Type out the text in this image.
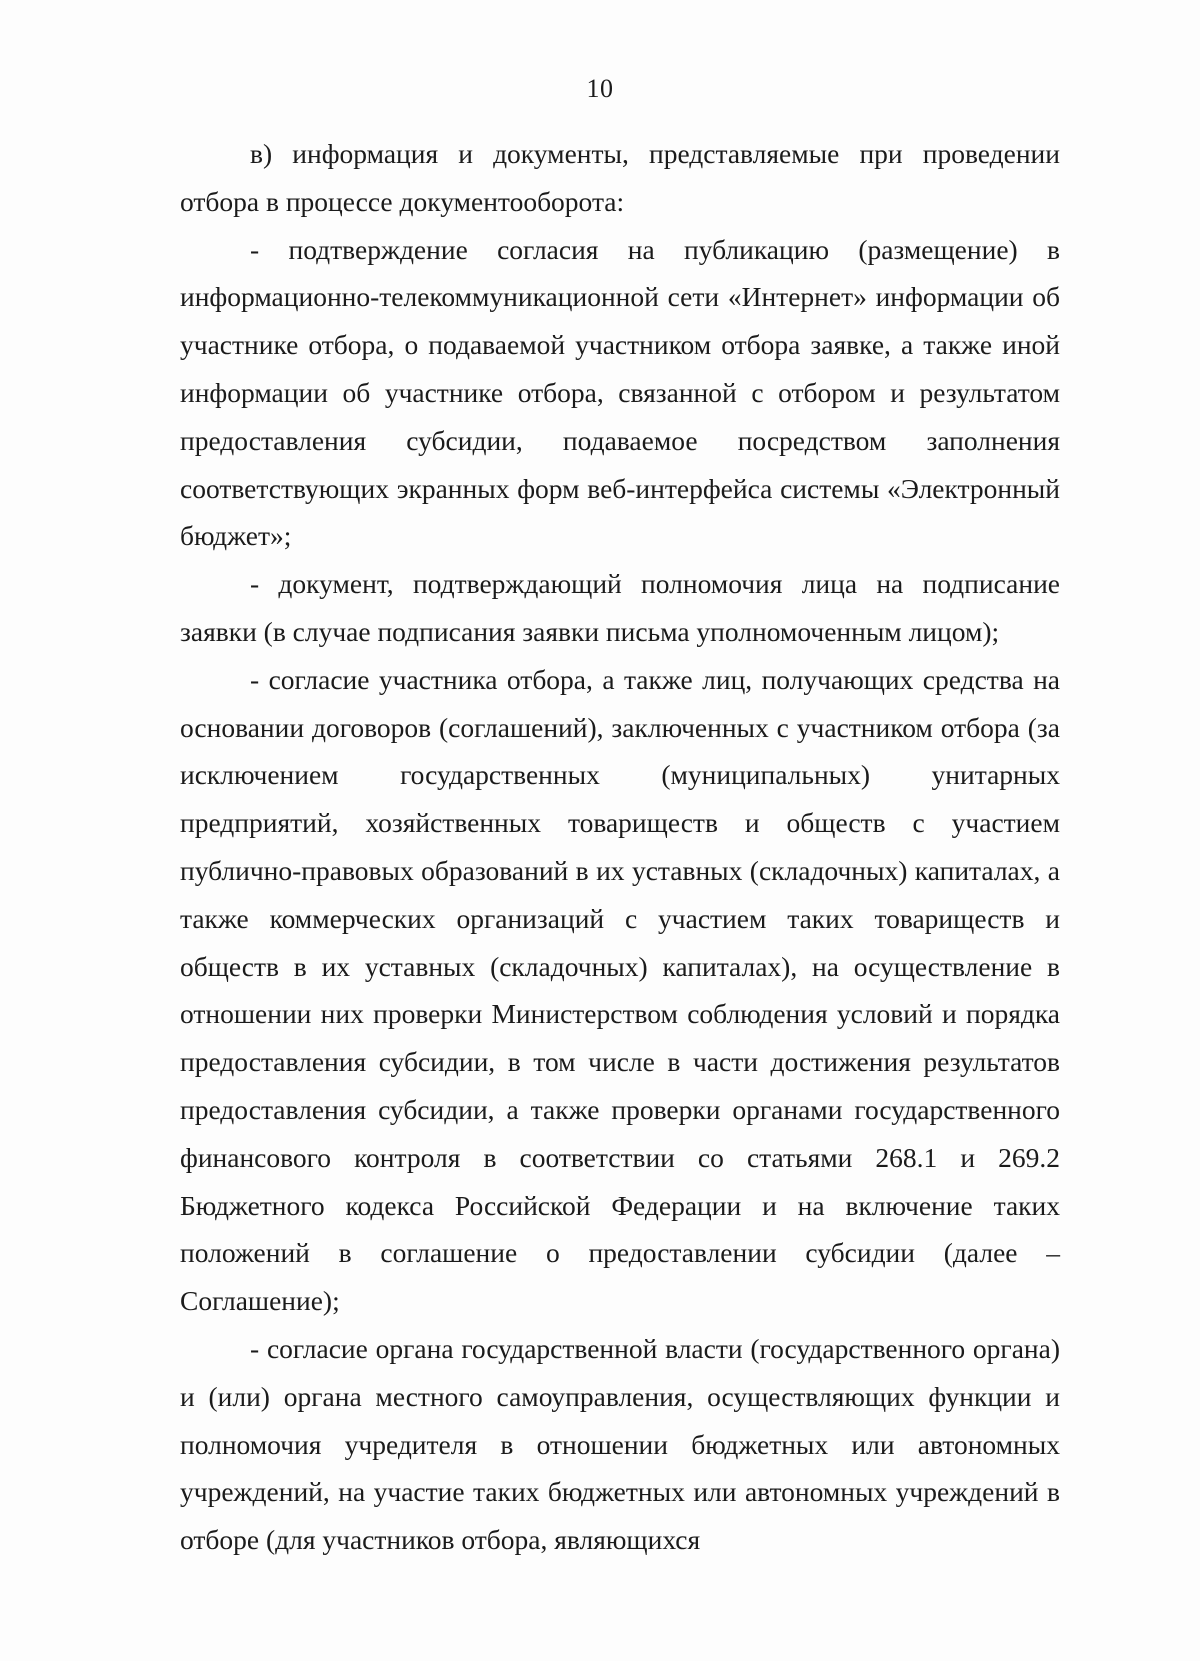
10

в) информация и документы, представляемые при проведении отбора в процессе документооборота:

- подтверждение согласия на публикацию (размещение) в информационно-телекоммуникационной сети «Интернет» информации об участнике отбора, о подаваемой участником отбора заявке, а также иной информации об участнике отбора, связанной с отбором и результатом предоставления субсидии, подаваемое посредством заполнения соответствующих экранных форм веб-интерфейса системы «Электронный бюджет»;

- документ, подтверждающий полномочия лица на подписание заявки (в случае подписания заявки письма уполномоченным лицом);

- согласие участника отбора, а также лиц, получающих средства на основании договоров (соглашений), заключенных с участником отбора (за исключением государственных (муниципальных) унитарных предприятий, хозяйственных товариществ и обществ с участием публично-правовых образований в их уставных (складочных) капиталах, а также коммерческих организаций с участием таких товариществ и обществ в их уставных (складочных) капиталах), на осуществление в отношении них проверки Министерством соблюдения условий и порядка предоставления субсидии, в том числе в части достижения результатов предоставления субсидии, а также проверки органами государственного финансового контроля в соответствии со статьями 268.1 и 269.2 Бюджетного кодекса Российской Федерации и на включение таких положений в соглашение о предоставлении субсидии (далее – Соглашение);

- согласие органа государственной власти (государственного органа) и (или) органа местного самоуправления, осуществляющих функции и полномочия учредителя в отношении бюджетных или автономных учреждений, на участие таких бюджетных или автономных учреждений в отборе (для участников отбора, являющихся
